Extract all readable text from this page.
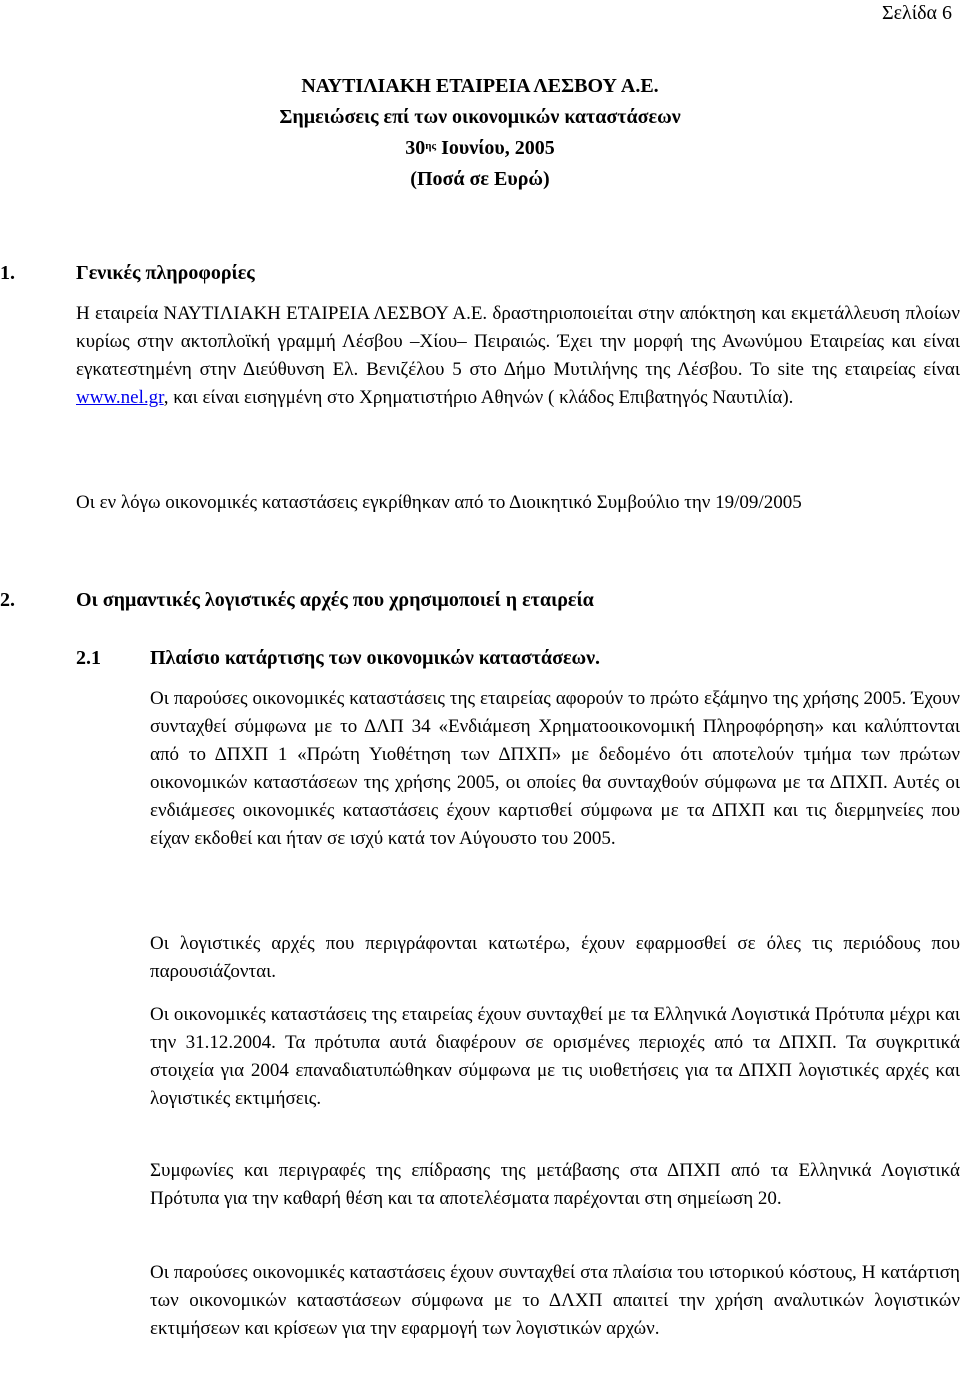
Σελίδα 6

ΝΑΥΤΙΛΙΑΚΗ ΕΤΑΙΡΕΙΑ ΛΕΣΒΟΥ Α.Ε.
Σημειώσεις επί των οικονομικών καταστάσεων
$30^{\eta\varsigma}$ Ιουνίου, 2005
(Ποσά σε Ευρώ)

1.	Γενικές πληροφορίες

Η εταιρεία ΝΑΥΤΙΛΙΑΚΗ ΕΤΑΙΡΕΙΑ ΛΕΣΒΟΥ Α.Ε. δραστηριοποιείται στην απόκτηση και εκμετάλλευση πλοίων κυρίως στην ακτοπλοϊκή γραμμή Λέσβου –Χίου– Πειραιώς. Έχει την μορφή της Ανωνύμου Εταιρείας και είναι εγκατεστημένη στην Διεύθυνση Ελ. Βενιζέλου 5 στο Δήμο Μυτιλήνης της Λέσβου. Το site της εταιρείας είναι www.nel.gr, και είναι εισηγμένη στο Χρηματιστήριο Αθηνών ( κλάδος Επιβατηγός Ναυτιλία).

Οι εν λόγω οικονομικές καταστάσεις εγκρίθηκαν από το Διοικητικό Συμβούλιο την 19/09/2005

2.	Οι σημαντικές λογιστικές αρχές που χρησιμοποιεί η εταιρεία

2.1 Πλαίσιο κατάρτισης των οικονομικών καταστάσεων.

Οι παρούσες οικονομικές καταστάσεις της εταιρείας αφορούν το πρώτο εξάμηνο της χρήσης 2005. Έχουν συνταχθεί σύμφωνα με το ΔΛΠ 34 «Ενδιάμεση Χρηματοοικονομική Πληροφόρηση» και καλύπτονται από το ΔΠΧΠ 1 «Πρώτη Υιοθέτηση των ΔΠΧΠ» με δεδομένο ότι αποτελούν τμήμα των πρώτων οικονομικών καταστάσεων της χρήσης 2005, οι οποίες θα συνταχθούν σύμφωνα με τα ΔΠΧΠ. Αυτές οι ενδιάμεσες οικονομικές καταστάσεις έχουν καρτισθεί σύμφωνα με τα ΔΠΧΠ και τις διερμηνείες που είχαν εκδοθεί και ήταν σε ισχύ κατά τον Αύγουστο του 2005.

Οι λογιστικές αρχές που περιγράφονται κατωτέρω, έχουν εφαρμοσθεί σε όλες τις περιόδους που παρουσιάζονται.

Οι οικονομικές καταστάσεις της εταιρείας έχουν συνταχθεί με τα Ελληνικά Λογιστικά Πρότυπα μέχρι και την 31.12.2004. Τα πρότυπα αυτά διαφέρουν σε ορισμένες περιοχές από τα ΔΠΧΠ. Τα συγκριτικά στοιχεία για 2004 επαναδιατυπώθηκαν σύμφωνα με τις υιοθετήσεις για τα ΔΠΧΠ λογιστικές αρχές και λογιστικές εκτιμήσεις.

Συμφωνίες και περιγραφές της επίδρασης της μετάβασης στα ΔΠΧΠ από τα Ελληνικά Λογιστικά Πρότυπα για την καθαρή θέση και τα αποτελέσματα παρέχονται στη σημείωση 20.

Οι παρούσες οικονομικές καταστάσεις έχουν συνταχθεί στα πλαίσια του ιστορικού κόστους, Η κατάρτιση των οικονομικών καταστάσεων σύμφωνα με το ΔΛΧΠ απαιτεί την χρήση αναλυτικών λογιστικών εκτιμήσεων και κρίσεων για την εφαρμογή των λογιστικών αρχών.
